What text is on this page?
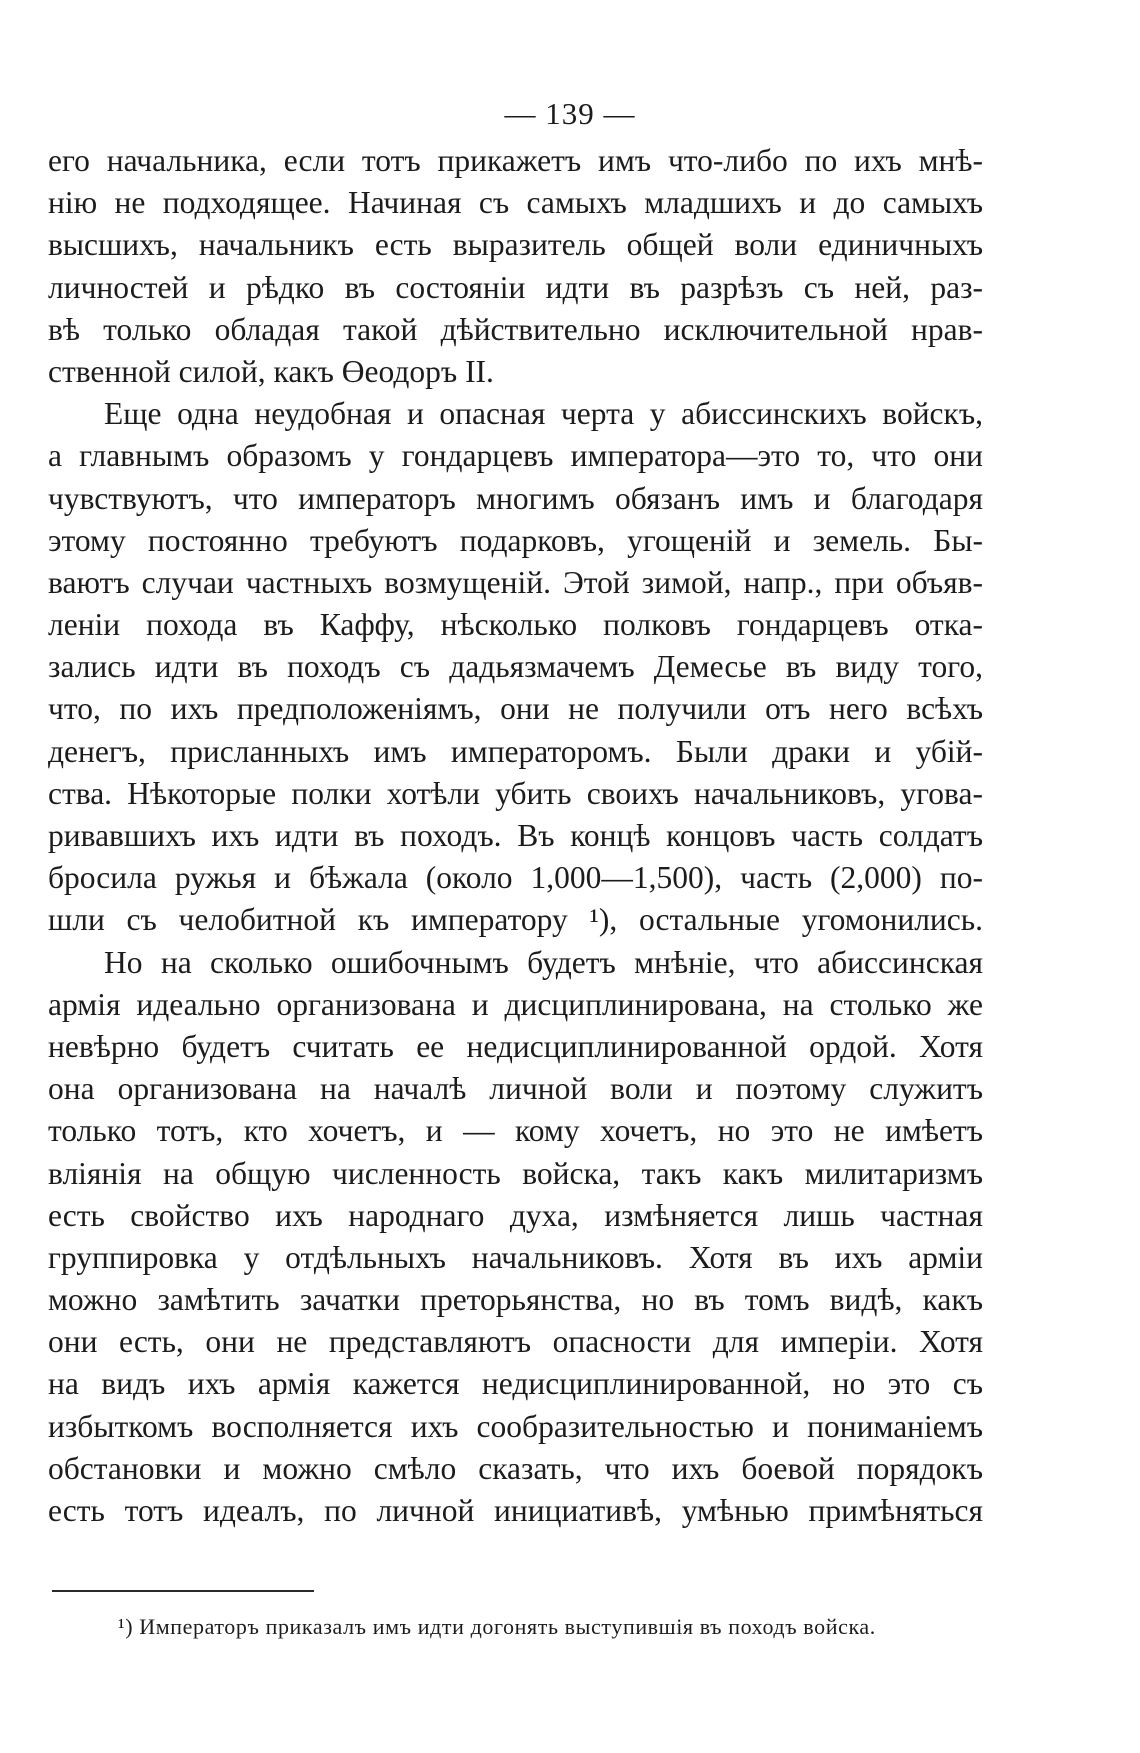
— 139 —
его начальника, если тотъ прикажетъ имъ что-либо по ихъ мнѣ-
нію не подходящее. Начиная съ самыхъ младшихъ и до самыхъ
высшихъ, начальникъ есть выразитель общей воли единичныхъ
личностей и рѣдко въ состояніи идти въ разрѣзъ съ ней, раз-
вѣ только обладая такой дѣйствительно исключительной нрав-
ственной силой, какъ Өеодоръ II.
Еще одна неудобная и опасная черта у абиссинскихъ войскъ,
а главнымъ образомъ у гондарцевъ императора—это то, что они
чувствуютъ, что императоръ многимъ обязанъ имъ и благодаря
этому постоянно требуютъ подарковъ, угощеній и земель. Бы-
ваютъ случаи частныхъ возмущеній. Этой зимой, напр., при объяв-
леніи похода въ Каффу, нѣсколько полковъ гондарцевъ отка-
зались идти въ походъ съ дадьязмачемъ Демесье въ виду того,
что, по ихъ предположеніямъ, они не получили отъ него всѣхъ
денегъ, присланныхъ имъ императоромъ. Были драки и убій-
ства. Нѣкоторые полки хотѣли убить своихъ начальниковъ, угова-
ривавшихъ ихъ идти въ походъ. Въ концѣ концовъ часть солдатъ
бросила ружья и бѣжала (около 1,000—1,500), часть (2,000) по-
шли съ челобитной къ императору ¹), остальные угомонились.
Но на сколько ошибочнымъ будетъ мнѣніе, что абиссинская
армія идеально организована и дисциплинирована, на столько же
невѣрно будетъ считать ее недисциплинированной ордой. Хотя
она организована на началѣ личной воли и поэтому служитъ
только тотъ, кто хочетъ, и — кому хочетъ, но это не имѣетъ
вліянія на общую численность войска, такъ какъ милитаризмъ
есть свойство ихъ народнаго духа, измѣняется лишь частная
группировка у отдѣльныхъ начальниковъ. Хотя въ ихъ арміи
можно замѣтить зачатки преторьянства, но въ томъ видѣ, какъ
они есть, они не представляютъ опасности для имперіи. Хотя
на видъ ихъ армія кажется недисциплинированной, но это съ
избыткомъ восполняется ихъ сообразительностью и пониманіемъ
обстановки и можно смѣло сказать, что ихъ боевой порядокъ
есть тотъ идеалъ, по личной инициативѣ, умѣнью примѣняться
¹) Императоръ приказалъ имъ идти догонять выступившія въ походъ войска.
